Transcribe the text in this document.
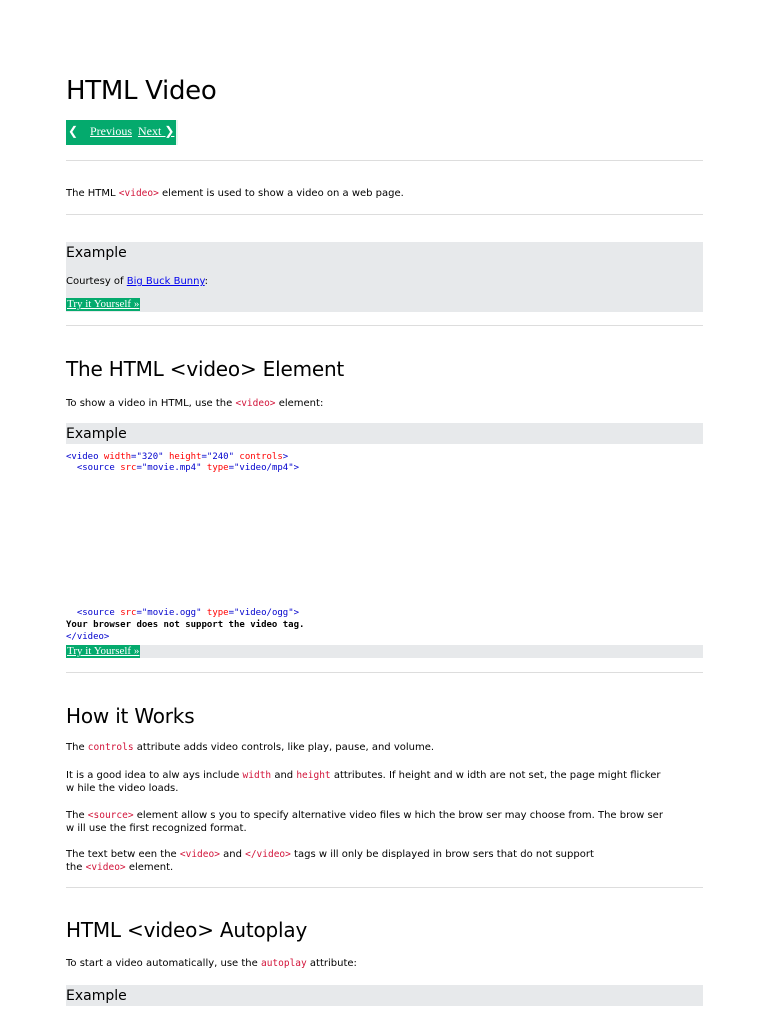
HTML Video
❮ Previous Next ❯
The HTML <video> element is used to show a video on a web page.
Example
Courtesy of Big Buck Bunny:
Try it Yourself »
The HTML <video> Element
To show a video in HTML, use the <video> element:
Example
<video width="320" height="240" controls>
<source src="movie.mp4" type="video/mp4">
<source src="movie.ogg" type="video/ogg">
Your browser does not support the video tag.
</video>
Try it Yourself »
How it Works
The controls attribute adds video controls, like play, pause, and volume.
It is a good idea to alw ays include width and height attributes. If height and w idth are not set, the page might flicker
w hile the video loads.
The <source> element allow s you to specify alternative video files w hich the brow ser may choose from. The brow ser
w ill use the first recognized format.
The text betw een the <video> and </video> tags w ill only be displayed in brow sers that do not support
the <video> element.
HTML <video> Autoplay
To start a video automatically, use the autoplay attribute:
Example
